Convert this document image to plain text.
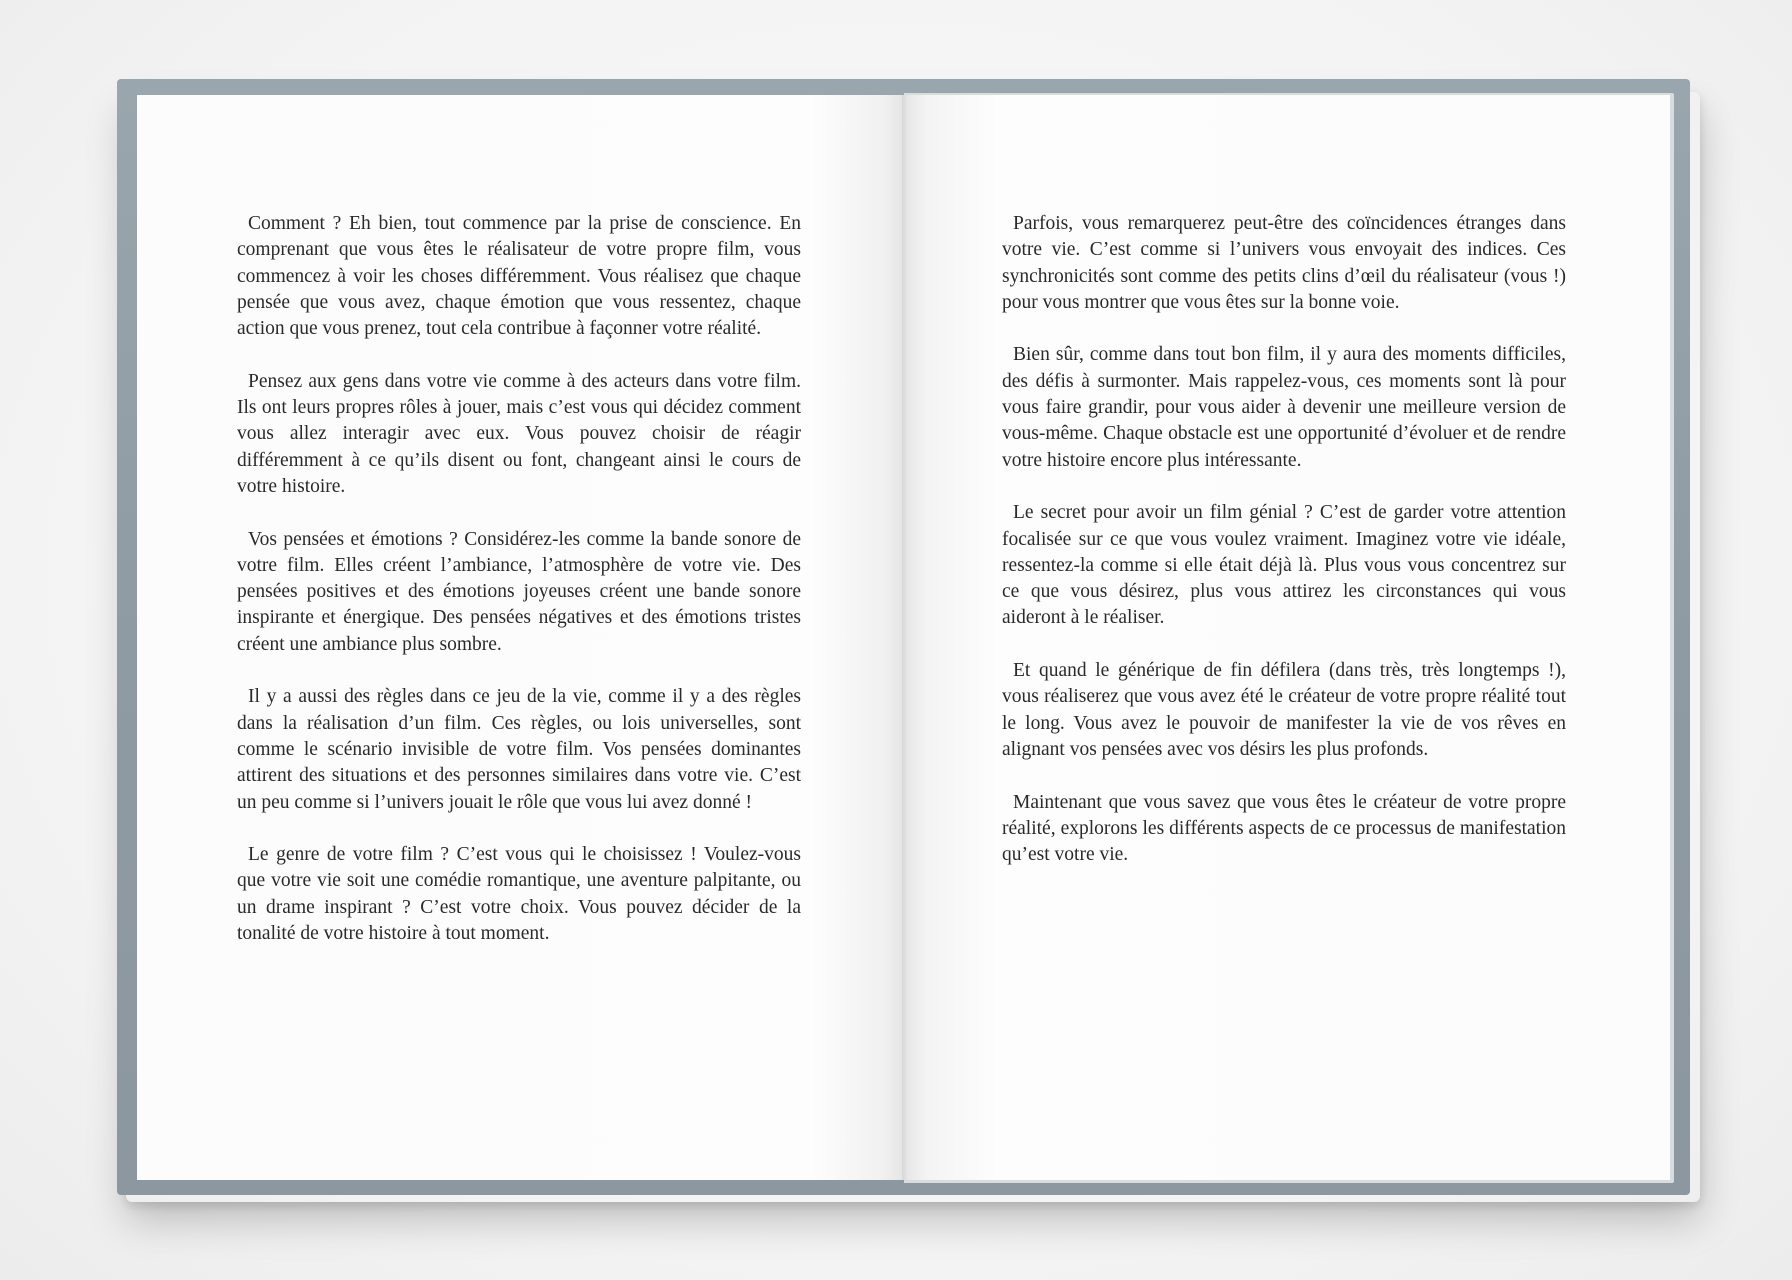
Comment ? Eh bien, tout commence par la prise de conscience. En comprenant que vous êtes le réalisateur de votre propre film, vous commencez à voir les choses différemment. Vous réalisez que chaque pensée que vous avez, chaque émotion que vous ressentez, chaque action que vous prenez, tout cela contribue à façonner votre réalité.

Pensez aux gens dans votre vie comme à des acteurs dans votre film. Ils ont leurs propres rôles à jouer, mais c’est vous qui décidez comment vous allez interagir avec eux. Vous pouvez choisir de réagir différemment à ce qu’ils disent ou font, changeant ainsi le cours de votre histoire.

Vos pensées et émotions ? Considérez-les comme la bande sonore de votre film. Elles créent l’ambiance, l’atmosphère de votre vie. Des pensées positives et des émotions joyeuses créent une bande sonore inspirante et énergique. Des pensées négatives et des émotions tristes créent une ambiance plus sombre.

Il y a aussi des règles dans ce jeu de la vie, comme il y a des règles dans la réalisation d’un film. Ces règles, ou lois universelles, sont comme le scénario invisible de votre film. Vos pensées dominantes attirent des situations et des personnes similaires dans votre vie. C’est un peu comme si l’univers jouait le rôle que vous lui avez donné !

Le genre de votre film ? C’est vous qui le choisissez ! Voulez-vous que votre vie soit une comédie romantique, une aventure palpitante, ou un drame inspirant ? C’est votre choix. Vous pouvez décider de la tonalité de votre histoire à tout moment.

Parfois, vous remarquerez peut-être des coïncidences étranges dans votre vie. C’est comme si l’univers vous envoyait des indices. Ces synchronicités sont comme des petits clins d’œil du réalisateur (vous !) pour vous montrer que vous êtes sur la bonne voie.

Bien sûr, comme dans tout bon film, il y aura des moments difficiles, des défis à surmonter. Mais rappelez-vous, ces moments sont là pour vous faire grandir, pour vous aider à devenir une meilleure version de vous-même. Chaque obstacle est une opportunité d’évoluer et de rendre votre histoire encore plus intéressante.

Le secret pour avoir un film génial ? C’est de garder votre attention focalisée sur ce que vous voulez vraiment. Imaginez votre vie idéale, ressentez-la comme si elle était déjà là. Plus vous vous concentrez sur ce que vous désirez, plus vous attirez les circonstances qui vous aideront à le réaliser.

Et quand le générique de fin défilera (dans très, très longtemps !), vous réaliserez que vous avez été le créateur de votre propre réalité tout le long. Vous avez le pouvoir de manifester la vie de vos rêves en alignant vos pensées avec vos désirs les plus profonds.

Maintenant que vous savez que vous êtes le créateur de votre propre réalité, explorons les différents aspects de ce processus de manifestation qu’est votre vie.
